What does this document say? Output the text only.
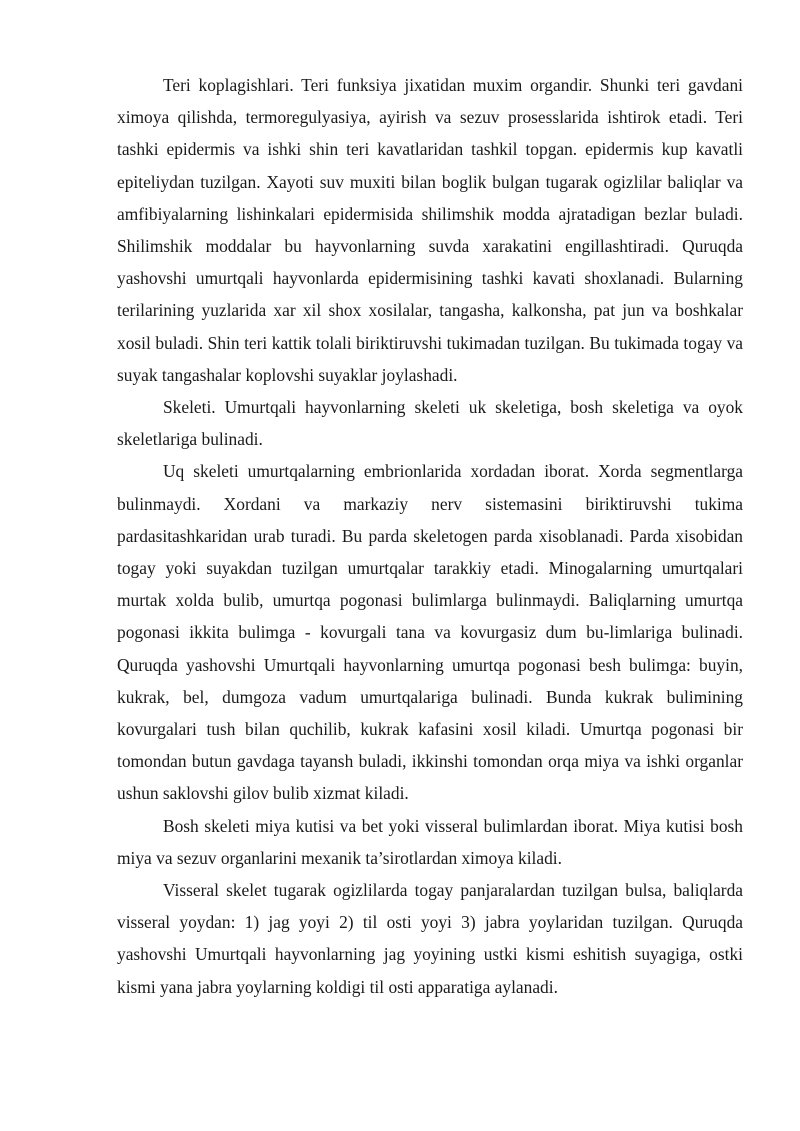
Teri koplagishlari. Teri funksiya jixatidan muxim organdir. Shunki teri gavdani ximoya qilishda, termoregulyasiya, ayirish va sezuv prosesslarida ishtirok etadi. Teri tashki epidermis va ishki shin teri kavatlaridan tashkil topgan. epidermis kup kavatli epiteliydan tuzilgan. Xayoti suv muxiti bilan boglik bulgan tugarak ogizlilar baliqlar va amfibiyalarning lishinkalari epidermisida shilimshik modda ajratadigan bezlar buladi. Shilimshik moddalar bu hayvonlarning suvda xarakatini engillashtiradi. Quruqda yashovshi umurtqali hayvonlarda epidermisining tashki kavati shoxlanadi. Bularning terilarining yuzlarida xar xil shox xosilalar, tangasha, kalkonsha, pat jun va boshkalar xosil buladi. Shin teri kattik tolali biriktiruvshi tukimadan tuzilgan. Bu tukimada togay va suyak tangashalar koplovshi suyaklar joylashadi.

Skeleti. Umurtqali hayvonlarning skeleti uk skeletiga, bosh skeletiga va oyok skeletlariga bulinadi.

Uq skeleti umurtqalarning embrionlarida xordadan iborat. Xorda segmentlarga bulinmaydi. Xordani va markaziy nerv sistemasini biriktiruvshi tukima pardasitashkaridan urab turadi. Bu parda skeletogen parda xisoblanadi. Parda xisobidan togay yoki suyakdan tuzilgan umurtqalar tarakkiy etadi. Minogalarning umurtqalari murtak xolda bulib, umurtqa pogonasi bulimlarga bulinmaydi. Baliqlarning umurtqa pogonasi ikkita bulimga - kovurgali tana va kovurgasiz dum bu-limlariga bulinadi. Quruqda yashovshi Umurtqali hayvonlarning umurtqa pogonasi besh bulimga: buyin, kukrak, bel, dumgoza vadum umurtqalariga bulinadi. Bunda kukrak bulimining kovurgalari tush bilan quchilib, kukrak kafasini xosil kiladi. Umurtqa pogonasi bir tomondan butun gavdaga tayansh buladi, ikkinshi tomondan orqa miya va ishki organlar ushun saklovshi gilov bulib xizmat kiladi.

Bosh skeleti miya kutisi va bet yoki visseral bulimlardan iborat. Miya kutisi bosh miya va sezuv organlarini mexanik ta’sirotlardan ximoya kiladi.

Visseral skelet tugarak ogizlilarda togay panjaralardan tuzilgan bulsa, baliqlarda visseral yoydan: 1) jag yoyi 2) til osti yoyi 3) jabra yoylaridan tuzilgan. Quruqda yashovshi Umurtqali hayvonlarning jag yoyining ustki kismi eshitish suyagiga, ostki kismi yana jabra yoylarning koldigi til osti apparatiga aylanadi.
